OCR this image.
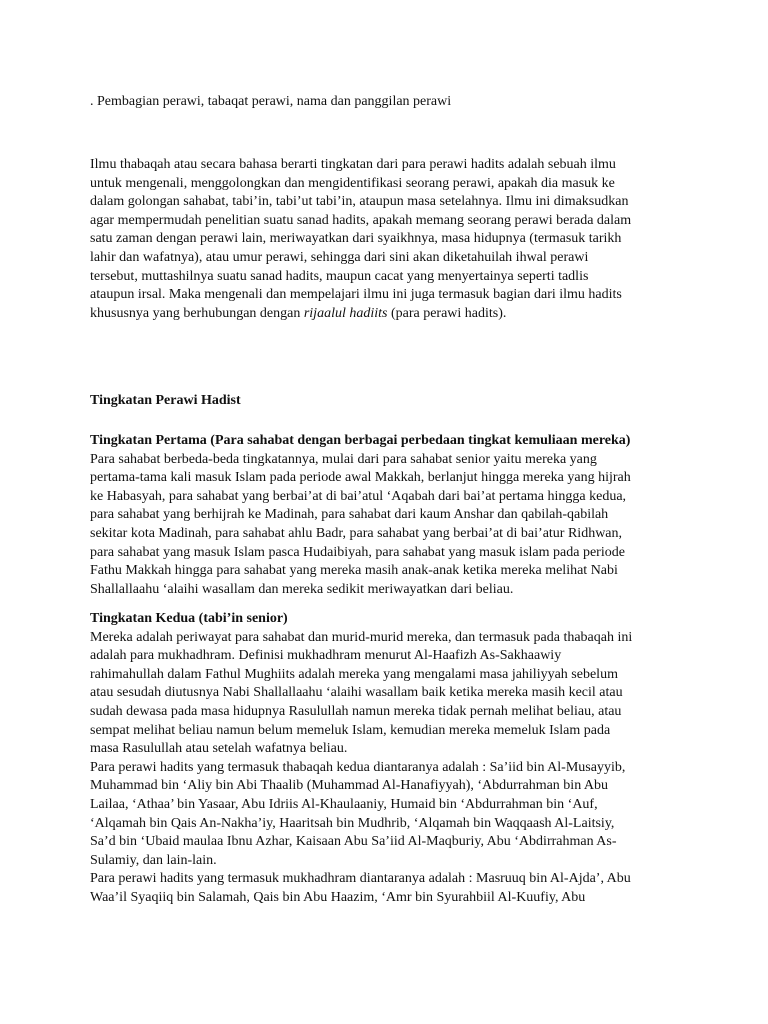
. Pembagian perawi, tabaqat perawi, nama dan panggilan perawi

Ilmu thabaqah atau secara bahasa berarti tingkatan dari para perawi hadits adalah sebuah ilmu

untuk mengenali, menggolongkan dan mengidentifikasi seorang perawi, apakah dia masuk ke

dalam golongan sahabat, tabi’in, tabi’ut tabi’in, ataupun masa setelahnya. Ilmu ini dimaksudkan

agar mempermudah penelitian suatu sanad hadits, apakah memang seorang perawi berada dalam

satu zaman dengan perawi lain, meriwayatkan dari syaikhnya, masa hidupnya (termasuk tarikh

lahir dan wafatnya), atau umur perawi, sehingga dari sini akan diketahuilah ihwal perawi

tersebut, muttashilnya suatu sanad hadits, maupun cacat yang menyertainya seperti tadlis

ataupun irsal. Maka mengenali dan mempelajari ilmu ini juga termasuk bagian dari ilmu hadits

khususnya yang berhubungan dengan rijaalul hadiits (para perawi hadits).

Tingkatan Perawi Hadist

Tingkatan Pertama (Para sahabat dengan berbagai perbedaan tingkat kemuliaan mereka)

Para sahabat berbeda-beda tingkatannya, mulai dari para sahabat senior yaitu mereka yang

pertama-tama kali masuk Islam pada periode awal Makkah, berlanjut hingga mereka yang hijrah

ke Habasyah, para sahabat yang berbai’at di bai’atul ‘Aqabah dari bai’at pertama hingga kedua,

para sahabat yang berhijrah ke Madinah, para sahabat dari kaum Anshar dan qabilah-qabilah

sekitar kota Madinah, para sahabat ahlu Badr, para sahabat yang berbai’at di bai’atur Ridhwan,

para sahabat yang masuk Islam pasca Hudaibiyah, para sahabat yang masuk islam pada periode

Fathu Makkah hingga para sahabat yang mereka masih anak-anak ketika mereka melihat Nabi

Shallallaahu ‘alaihi wasallam dan mereka sedikit meriwayatkan dari beliau.

Tingkatan Kedua (tabi’in senior)

Mereka adalah periwayat para sahabat dan murid-murid mereka, dan termasuk pada thabaqah ini

adalah para mukhadhram. Definisi mukhadhram menurut Al-Haafizh As-Sakhaawiy

rahimahullah dalam Fathul Mughiits adalah mereka yang mengalami masa jahiliyyah sebelum

atau sesudah diutusnya Nabi Shallallaahu ‘alaihi wasallam baik ketika mereka masih kecil atau

sudah dewasa pada masa hidupnya Rasulullah namun mereka tidak pernah melihat beliau, atau

sempat melihat beliau namun belum memeluk Islam, kemudian mereka memeluk Islam pada

masa Rasulullah atau setelah wafatnya beliau.

Para perawi hadits yang termasuk thabaqah kedua diantaranya adalah : Sa’iid bin Al-Musayyib,

Muhammad bin ‘Aliy bin Abi Thaalib (Muhammad Al-Hanafiyyah), ‘Abdurrahman bin Abu

Lailaa, ‘Athaa’ bin Yasaar, Abu Idriis Al-Khaulaaniy, Humaid bin ‘Abdurrahman bin ‘Auf,

‘Alqamah bin Qais An-Nakha’iy, Haaritsah bin Mudhrib, ‘Alqamah bin Waqqaash Al-Laitsiy,

Sa’d bin ‘Ubaid maulaa Ibnu Azhar, Kaisaan Abu Sa’iid Al-Maqburiy, Abu ‘Abdirrahman As-

Sulamiy, dan lain-lain.

Para perawi hadits yang termasuk mukhadhram diantaranya adalah : Masruuq bin Al-Ajda’, Abu

Waa’il Syaqiiq bin Salamah, Qais bin Abu Haazim, ‘Amr bin Syurahbiil Al-Kuufiy, Abu
